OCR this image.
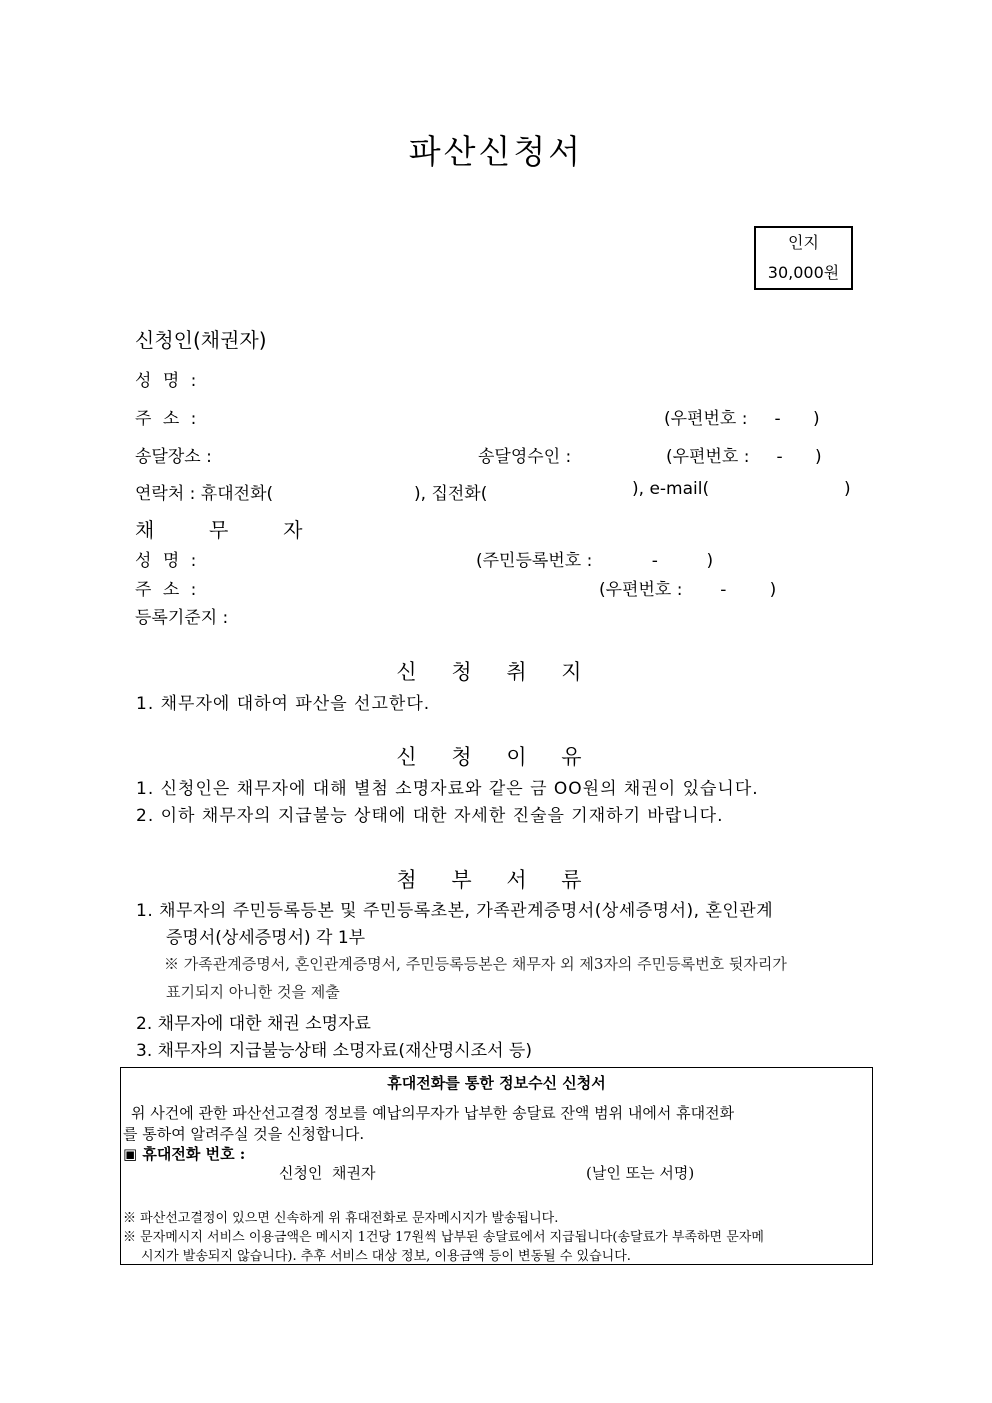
파산신청서
인지
30,000원
신청인(채권자)
성 명 :
주 소 :	(우편번호 :     -      )
송달장소 :	송달영수인 :	(우편번호 :     -      )
연락처 : 휴대전화(	), 집전화(	), e-mail(	)
채  무  자
성 명 :	(주민등록번호 :           -         )
주 소 :	(우편번호 :       -        )
등록기준지 :
신 청 취 지
1. 채무자에 대하여 파산을 선고한다.
신 청 이 유
1. 신청인은 채무자에 대해 별첨 소명자료와 같은 금 OO원의 채권이 있습니다.
2. 이하 채무자의 지급불능 상태에 대한 자세한 진술을 기재하기 바랍니다.
첨 부 서 류
1. 채무자의 주민등록등본 및 주민등록초본, 가족관계증명서(상세증명서), 혼인관계
증명서(상세증명서) 각 1부
※ 가족관계증명서, 혼인관계증명서, 주민등록등본은 채무자 외 제3자의 주민등록번호 뒷자리가
표기되지 아니한 것을 제출
2. 채무자에 대한 채권 소명자료
3. 채무자의 지급불능상태 소명자료(재산명시조서 등)
휴대전화를 통한 정보수신 신청서
위 사건에 관한 파산선고결정 정보를 예납의무자가 납부한 송달료 잔액 범위 내에서 휴대전화
를 통하여 알려주실 것을 신청합니다.
▣ 휴대전화 번호 :
신청인  채권자	(날인 또는 서명)
※ 파산선고결정이 있으면 신속하게 위 휴대전화로 문자메시지가 발송됩니다.
※ 문자메시지 서비스 이용금액은 메시지 1건당 17원씩 납부된 송달료에서 지급됩니다(송달료가 부족하면 문자메
시지가 발송되지 않습니다). 추후 서비스 대상 정보, 이용금액 등이 변동될 수 있습니다.
